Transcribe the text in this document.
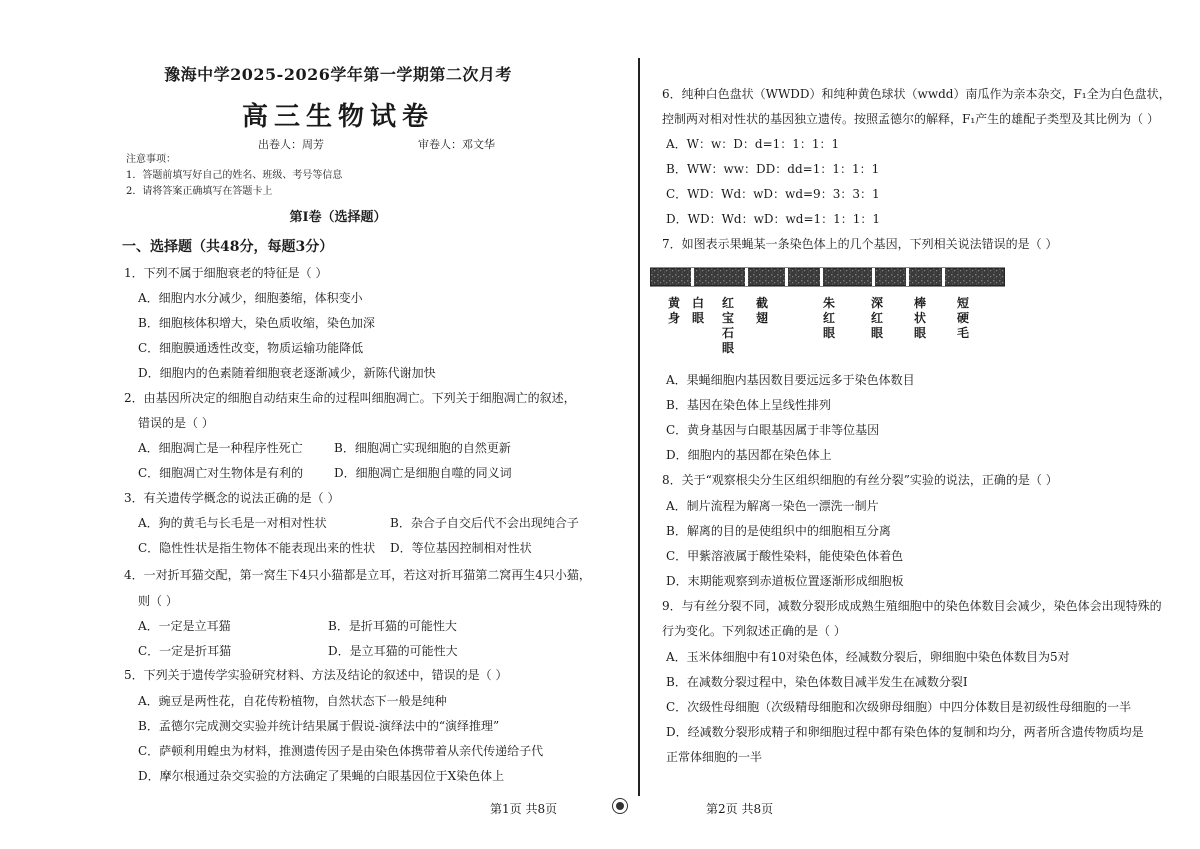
豫海中学2025-2026学年第一学期第二次月考
高三生物试卷
出卷人：周芳	审卷人：邓文华
注意事项：
1．答题前填写好自己的姓名、班级、考号等信息
2．请将答案正确填写在答题卡上
第I卷（选择题）
一、选择题（共48分，每题3分）
1．下列不属于细胞衰老的特征是（ ）
A．细胞内水分减少，细胞萎缩，体积变小
B．细胞核体积增大，染色质收缩，染色加深
C．细胞膜通透性改变，物质运输功能降低
D．细胞内的色素随着细胞衰老逐渐减少，新陈代谢加快
2．由基因所决定的细胞自动结束生命的过程叫细胞凋亡。下列关于细胞凋亡的叙述，
错误的是（ ）
A．细胞凋亡是一种程序性死亡	B．细胞凋亡实现细胞的自然更新
C．细胞凋亡对生物体是有利的	D．细胞凋亡是细胞自噬的同义词
3．有关遗传学概念的说法正确的是（ ）
A．狗的黄毛与长毛是一对相对性状	B．杂合子自交后代不会出现纯合子
C．隐性性状是指生物体不能表现出来的性状 D．等位基因控制相对性状
4．一对折耳猫交配，第一窝生下4只小猫都是立耳，若这对折耳猫第二窝再生4只小猫，
则（ ）
A．一定是立耳猫	B．是折耳猫的可能性大
C．一定是折耳猫	D．是立耳猫的可能性大
5．下列关于遗传学实验研究材料、方法及结论的叙述中，错误的是（ ）
A．豌豆是两性花，自花传粉植物，自然状态下一般是纯种
B．孟德尔完成测交实验并统计结果属于假说-演绎法中的“演绎推理”
C．萨顿利用蝗虫为材料，推测遗传因子是由染色体携带着从亲代传递给子代
D．摩尔根通过杂交实验的方法确定了果蝇的白眼基因位于X染色体上
6．纯种白色盘状（WWDD）和纯种黄色球状（wwdd）南瓜作为亲本杂交，F₁全为白色盘状，
控制两对相对性状的基因独立遗传。按照孟德尔的解释，F₁产生的雄配子类型及其比例为（ ）
A．W：w：D：d=1：1：1：1
B．WW：ww：DD：dd=1：1：1：1
C．WD：Wd：wD：wd=9：3：3：1
D．WD：Wd：wD：wd=1：1：1：1
7．如图表示果蝇某一条染色体上的几个基因，下列相关说法错误的是（ ）
黄身
白眼
红宝石眼
截翅
朱红眼
深红眼
棒状眼
短硬毛
A．果蝇细胞内基因数目要远远多于染色体数目
B．基因在染色体上呈线性排列
C．黄身基因与白眼基因属于非等位基因
D．细胞内的基因都在染色体上
8．关于“观察根尖分生区组织细胞的有丝分裂”实验的说法，正确的是（ ）
A．制片流程为解离一染色一漂洗一制片
B．解离的目的是使组织中的细胞相互分离
C．甲紫溶液属于酸性染料，能使染色体着色
D．末期能观察到赤道板位置逐渐形成细胞板
9．与有丝分裂不同，减数分裂形成成熟生殖细胞中的染色体数目会减少，染色体会出现特殊的
行为变化。下列叙述正确的是（ ）
A．玉米体细胞中有10对染色体，经减数分裂后，卵细胞中染色体数目为5对
B．在减数分裂过程中，染色体数目减半发生在减数分裂I
C．次级性母细胞（次级精母细胞和次级卵母细胞）中四分体数目是初级性母细胞的一半
D．经减数分裂形成精子和卵细胞过程中都有染色体的复制和均分，两者所含遗传物质均是
正常体细胞的一半
第1页 共8页	第2页 共8页
